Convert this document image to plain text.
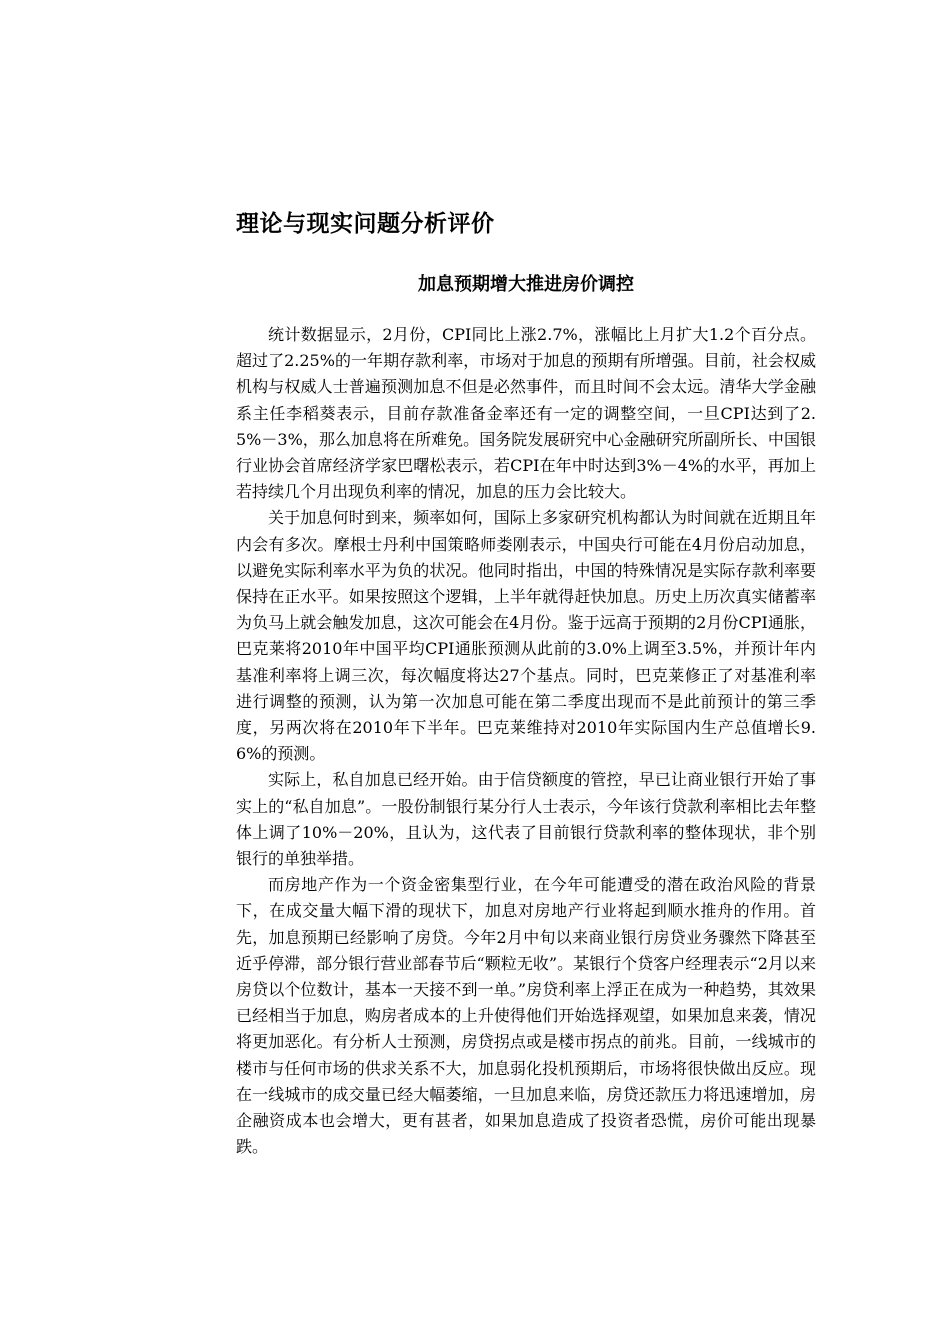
理论与现实问题分析评价
加息预期增大推进房价调控

统计数据显示，2月份，CPI同比上涨2.7%，涨幅比上月扩大1.2个百分点。超过了2.25%的一年期存款利率，市场对于加息的预期有所增强。目前，社会权威机构与权威人士普遍预测加息不但是必然事件，而且时间不会太远。清华大学金融系主任李稻葵表示，目前存款准备金率还有一定的调整空间，一旦CPI达到了2.5%－3%，那么加息将在所难免。国务院发展研究中心金融研究所副所长、中国银行业协会首席经济学家巴曙松表示，若CPI在年中时达到3%－4%的水平，再加上若持续几个月出现负利率的情况，加息的压力会比较大。

关于加息何时到来，频率如何，国际上多家研究机构都认为时间就在近期且年内会有多次。摩根士丹利中国策略师娄刚表示，中国央行可能在4月份启动加息，以避免实际利率水平为负的状况。他同时指出，中国的特殊情况是实际存款利率要保持在正水平。如果按照这个逻辑，上半年就得赶快加息。历史上历次真实储蓄率为负马上就会触发加息，这次可能会在4月份。鉴于远高于预期的2月份CPI通胀，巴克莱将2010年中国平均CPI通胀预测从此前的3.0%上调至3.5%，并预计年内基准利率将上调三次，每次幅度将达27个基点。同时，巴克莱修正了对基准利率进行调整的预测，认为第一次加息可能在第二季度出现而不是此前预计的第三季度，另两次将在2010年下半年。巴克莱维持对2010年实际国内生产总值增长9.6%的预测。

实际上，私自加息已经开始。由于信贷额度的管控，早已让商业银行开始了事实上的“私自加息”。一股份制银行某分行人士表示，今年该行贷款利率相比去年整体上调了10%－20%，且认为，这代表了目前银行贷款利率的整体现状，非个别银行的单独举措。

而房地产作为一个资金密集型行业，在今年可能遭受的潜在政治风险的背景下，在成交量大幅下滑的现状下，加息对房地产行业将起到顺水推舟的作用。首先，加息预期已经影响了房贷。今年2月中旬以来商业银行房贷业务骤然下降甚至近乎停滞，部分银行营业部春节后“颗粒无收”。某银行个贷客户经理表示“2月以来房贷以个位数计，基本一天接不到一单。”房贷利率上浮正在成为一种趋势，其效果已经相当于加息，购房者成本的上升使得他们开始选择观望，如果加息来袭，情况将更加恶化。有分析人士预测，房贷拐点或是楼市拐点的前兆。目前，一线城市的楼市与任何市场的供求关系不大，加息弱化投机预期后，市场将很快做出反应。现在一线城市的成交量已经大幅萎缩，一旦加息来临，房贷还款压力将迅速增加，房企融资成本也会增大，更有甚者，如果加息造成了投资者恐慌，房价可能出现暴跌。
